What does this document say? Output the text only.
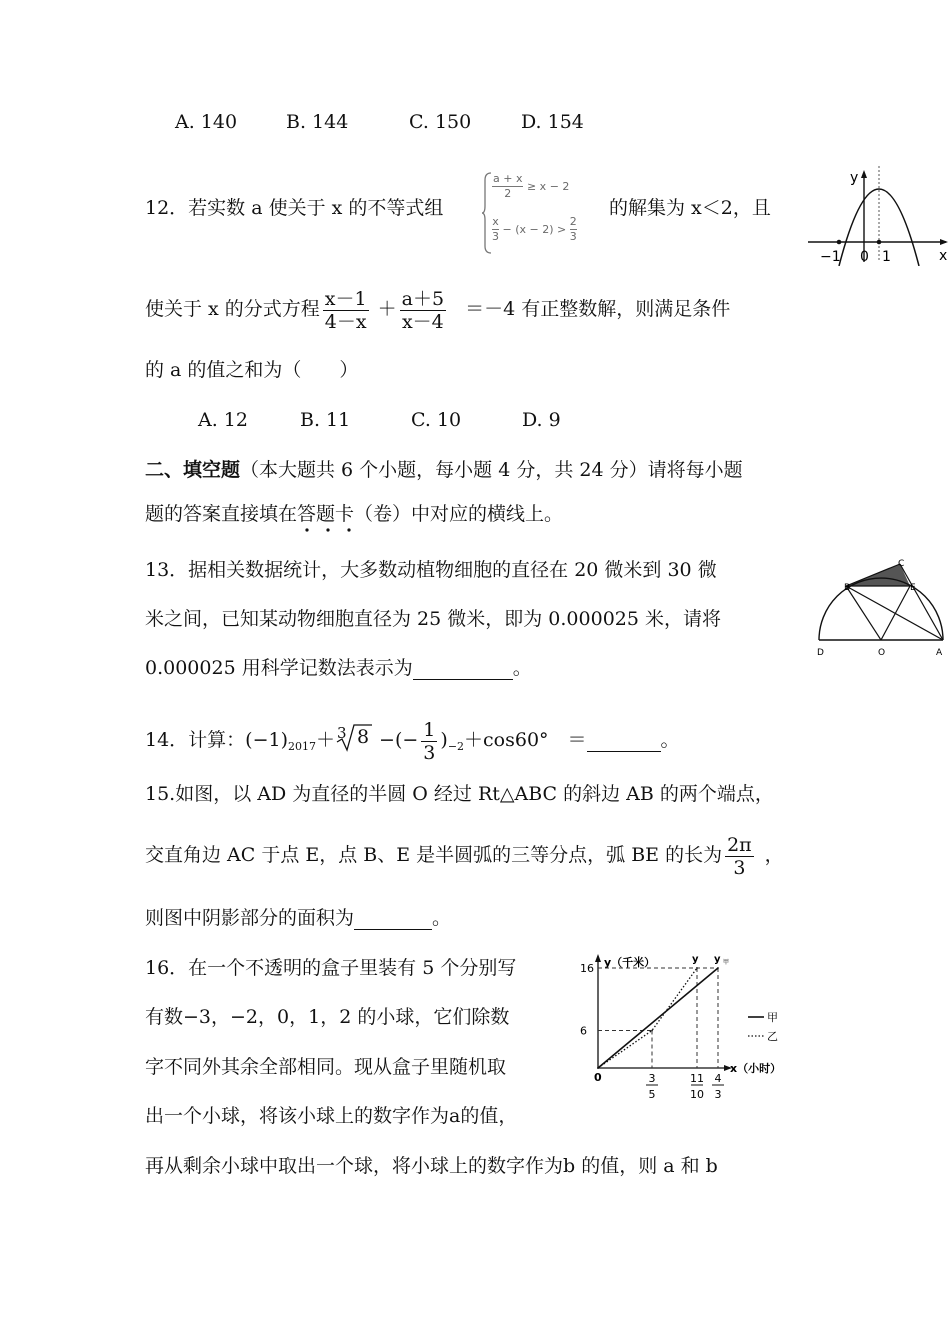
A. 140	B. 144	C. 150	D. 154
12．若实数 a 使关于 x 的不等式组
$\frac{a + x}{2} \ge x - 2$
$\frac{x}{3} - (x - 2) > \frac{2}{3}$
的解集为 x＜2，且
y
x
−1 0 1
使关于 x 的分式方程 $\frac{x-1}{4-x} + \frac{a+5}{x-4} =-4$ 有正整数解，则满足条件
的 a 的值之和为（　　）
A. 12	B. 11	C. 10	D. 9
二、填空题（本大题共 6 个小题，每小题 4 分，共 24 分）请将每小题
题的答案直接填在答题卡
（卷）中对应的横线上。
13．据相关数据统计，大多数动植物细胞的直径在 20 微米到 30 微
米之间，已知某动物细胞直径为 25 微米，即为 0.000025 米，请将
0.000025 用科学记数法表示为	。
C
B	E
D	O	A
14．计算：$(-1)_{2017}+ 3$ 8 −(− $\frac{1}{3} )_{-2}+\cos 60^\circ$　＝	。
15.如图，以 AD 为直径的半圆 O 经过 Rt△ABC 的斜边 AB 的两个端点，
交直角边 AC 于点 E，点 B、E 是半圆弧的三等分点，弧 BE 的长为 $\frac{2\pi}{3}$ ，
则图中阴影部分的面积为	。
16．在一个不透明的盒子里装有 5 个分别写
有数−3，−2，0，1，2 的小球，它们除数
字不同外其余全部相同。现从盒子里随机取
出一个小球，将该小球上的数字作为a的值，
再从剩余小球中取出一个球，将小球上的数字作为b 的值，则 a 和 b
y（千米）
x（小时）
0
甲
乙
16
6
3
5
11
10
4
3
y y 甲
